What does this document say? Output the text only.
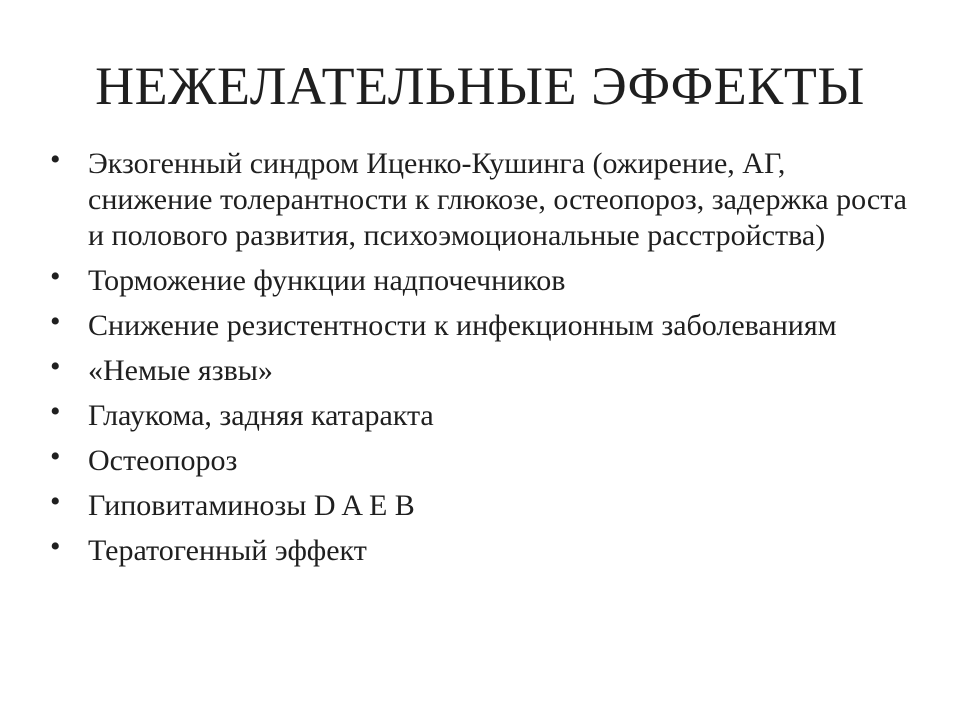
НЕЖЕЛАТЕЛЬНЫЕ ЭФФЕКТЫ
• Экзогенный синдром Иценко-Кушинга (ожирение, АГ, снижение толерантности к глюкозе, остеопороз, задержка роста и полового развития, психоэмоциональные расстройства)
• Торможение функции надпочечников
• Снижение резистентности к инфекционным заболеваниям
• «Немые язвы»
• Глаукома, задняя катаракта
• Остеопороз
• Гиповитаминозы D A E B
• Тератогенный эффект
